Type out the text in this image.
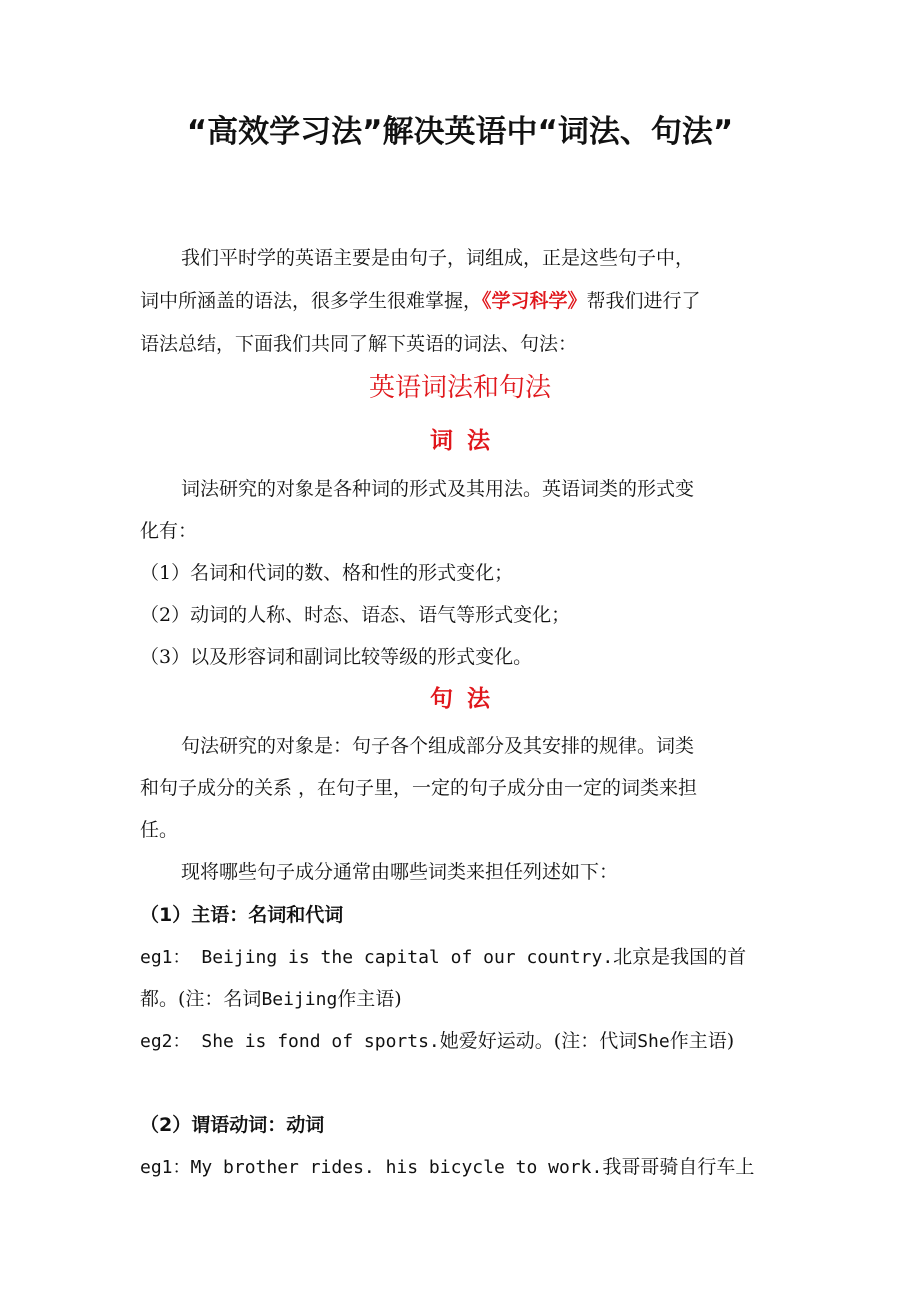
“高效学习法”解决英语中“词法、句法”
我们平时学的英语主要是由句子，词组成，正是这些句子中，
词中所涵盖的语法，很多学生很难掌握，《学习科学》帮我们进行了
语法总结，下面我们共同了解下英语的词法、句法：
英语词法和句法
词法
词法研究的对象是各种词的形式及其用法。英语词类的形式变
化有：
（1）名词和代词的数、格和性的形式变化；
（2）动词的人称、时态、语态、语气等形式变化；
（3）以及形容词和副词比较等级的形式变化。
句法
句法研究的对象是：句子各个组成部分及其安排的规律。词类
和句子成分的关系 ，在句子里，一定的句子成分由一定的词类来担
任。
现将哪些句子成分通常由哪些词类来担任列述如下：
（1）主语：名词和代词
eg1： Beijing is the capital of our country.北京是我国的首
都。(注：名词Beijing作主语)
eg2： She is fond of sports.她爱好运动。(注：代词She作主语)
（2）谓语动词：动词
eg1：My brother rides. his bicycle to work.我哥哥骑自行车上
